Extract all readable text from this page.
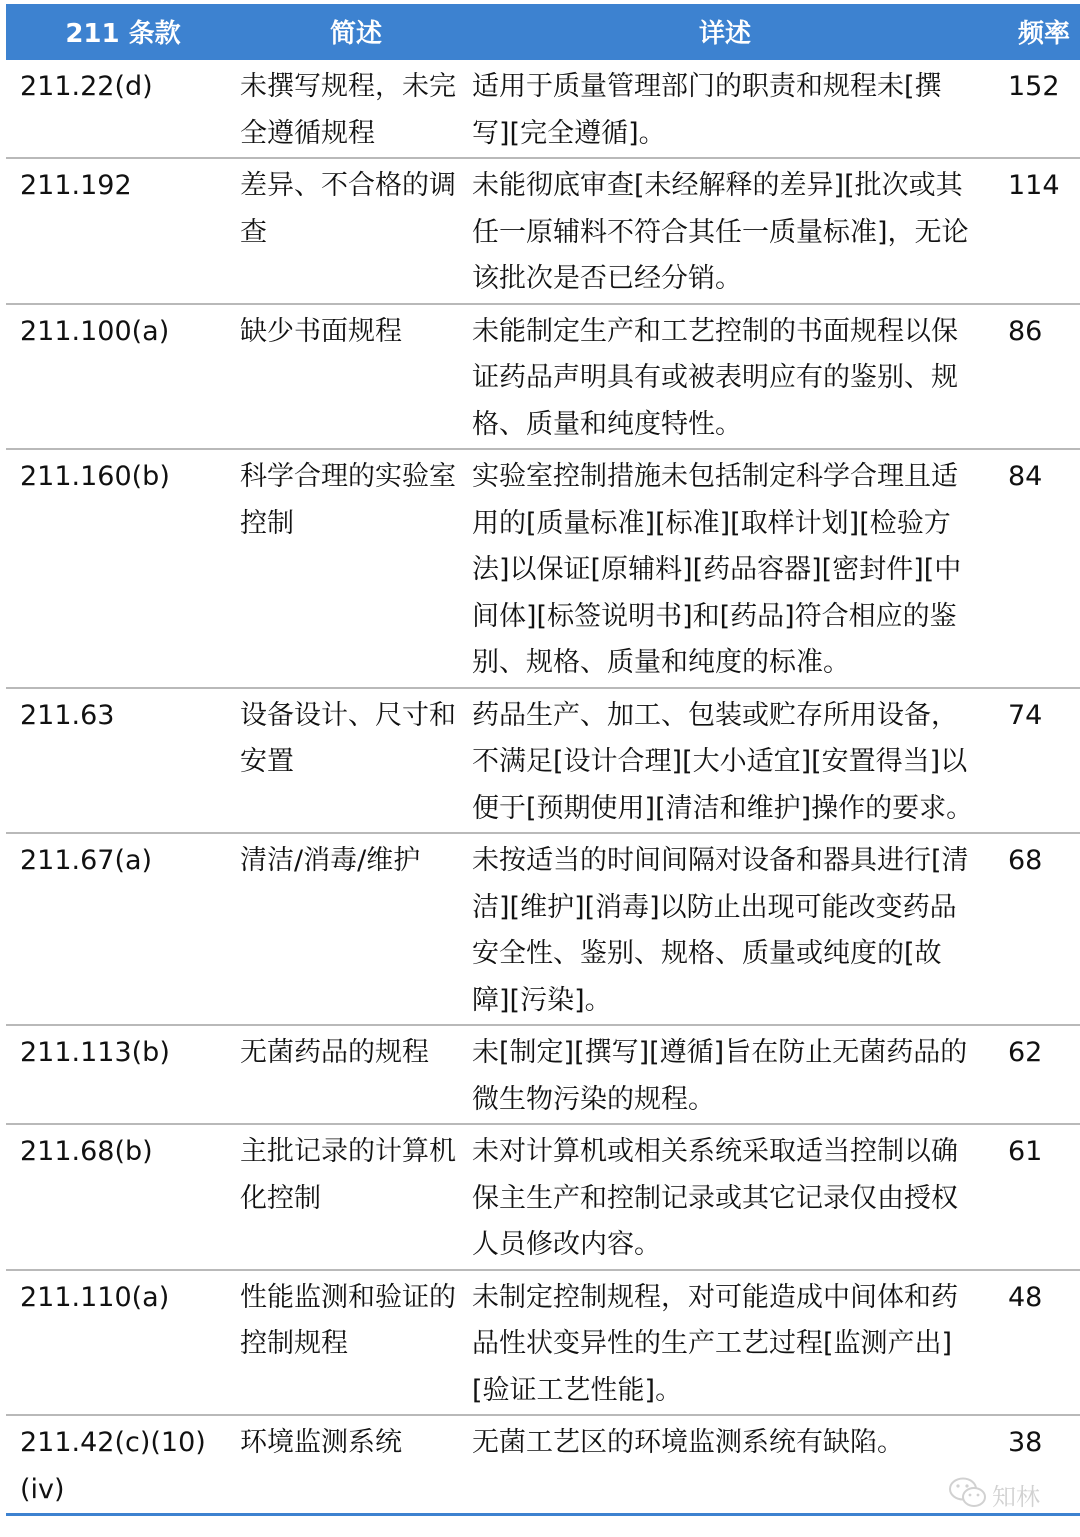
211 条款	简述	详述	频率
211.22(d)	未撰写规程，未完全遵循规程	适用于质量管理部门的职责和规程未[撰写][完全遵循]。	152
211.192	差异、不合格的调查	未能彻底审查[未经解释的差异][批次或其任一原辅料不符合其任一质量标准]，无论该批次是否已经分销。	114
211.100(a)	缺少书面规程	未能制定生产和工艺控制的书面规程以保证药品声明具有或被表明应有的鉴别、规格、质量和纯度特性。	86
211.160(b)	科学合理的实验室控制	实验室控制措施未包括制定科学合理且适用的[质量标准][标准][取样计划][检验方法]以保证[原辅料][药品容器][密封件][中间体][标签说明书]和[药品]符合相应的鉴别、规格、质量和纯度的标准。	84
211.63	设备设计、尺寸和安置	药品生产、加工、包装或贮存所用设备，不满足[设计合理][大小适宜][安置得当]以便于[预期使用][清洁和维护]操作的要求。	74
211.67(a)	清洁/消毒/维护	未按适当的时间间隔对设备和器具进行[清洁][维护][消毒]以防止出现可能改变药品安全性、鉴别、规格、质量或纯度的[故障][污染]。	68
211.113(b)	无菌药品的规程	未[制定][撰写][遵循]旨在防止无菌药品的微生物污染的规程。	62
211.68(b)	主批记录的计算机化控制	未对计算机或相关系统采取适当控制以确保主生产和控制记录或其它记录仅由授权人员修改内容。	61
211.110(a)	性能监测和验证的控制规程	未制定控制规程，对可能造成中间体和药品性状变异性的生产工艺过程[监测产出][验证工艺性能]。	48
211.42(c)(10)(iv)	环境监测系统	无菌工艺区的环境监测系统有缺陷。	38
知林
